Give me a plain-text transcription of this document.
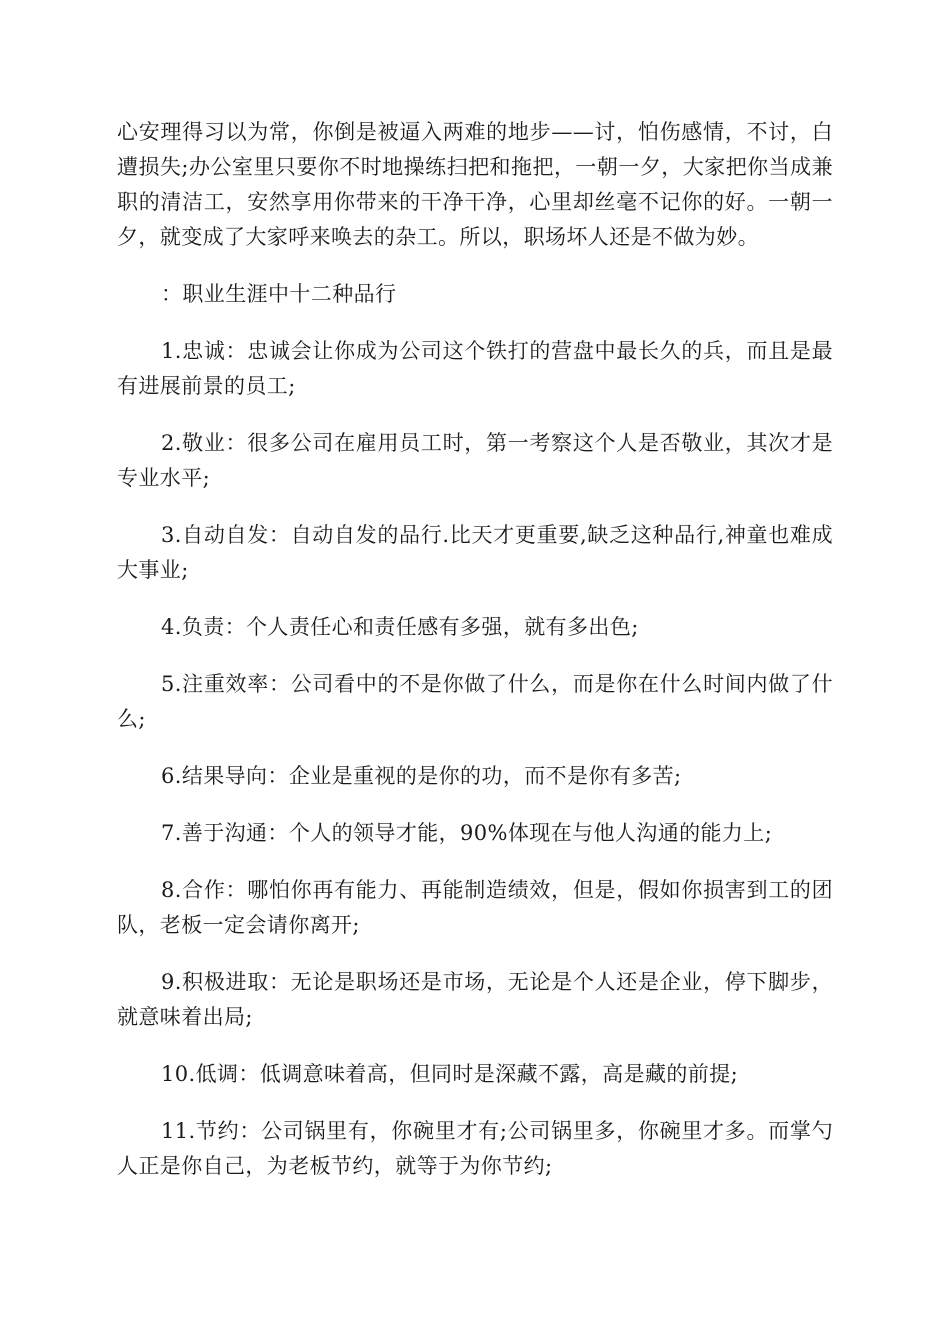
心安理得习以为常，你倒是被逼入两难的地步——讨，怕伤感情，不讨，白遭损失;办公室里只要你不时地操练扫把和拖把，一朝一夕，大家把你当成兼职的清洁工，安然享用你带来的干净干净，心里却丝毫不记你的好。一朝一夕，就变成了大家呼来唤去的杂工。所以，职场坏人还是不做为妙。

：职业生涯中十二种品行

1.忠诚：忠诚会让你成为公司这个铁打的营盘中最长久的兵，而且是最有进展前景的员工;

2.敬业：很多公司在雇用员工时，第一考察这个人是否敬业，其次才是专业水平;

3.自动自发：自动自发的品行.比天才更重要,缺乏这种品行,神童也难成大事业;

4.负责：个人责任心和责任感有多强，就有多出色;

5.注重效率：公司看中的不是你做了什么，而是你在什么时间内做了什么;

6.结果导向：企业是重视的是你的功，而不是你有多苦;

7.善于沟通：个人的领导才能，90%体现在与他人沟通的能力上;

8.合作：哪怕你再有能力、再能制造绩效，但是，假如你损害到工的团队，老板一定会请你离开;

9.积极进取：无论是职场还是市场，无论是个人还是企业，停下脚步，就意味着出局;

10.低调：低调意味着高，但同时是深藏不露，高是藏的前提;

11.节约：公司锅里有，你碗里才有;公司锅里多，你碗里才多。而掌勺人正是你自己，为老板节约，就等于为你节约;
